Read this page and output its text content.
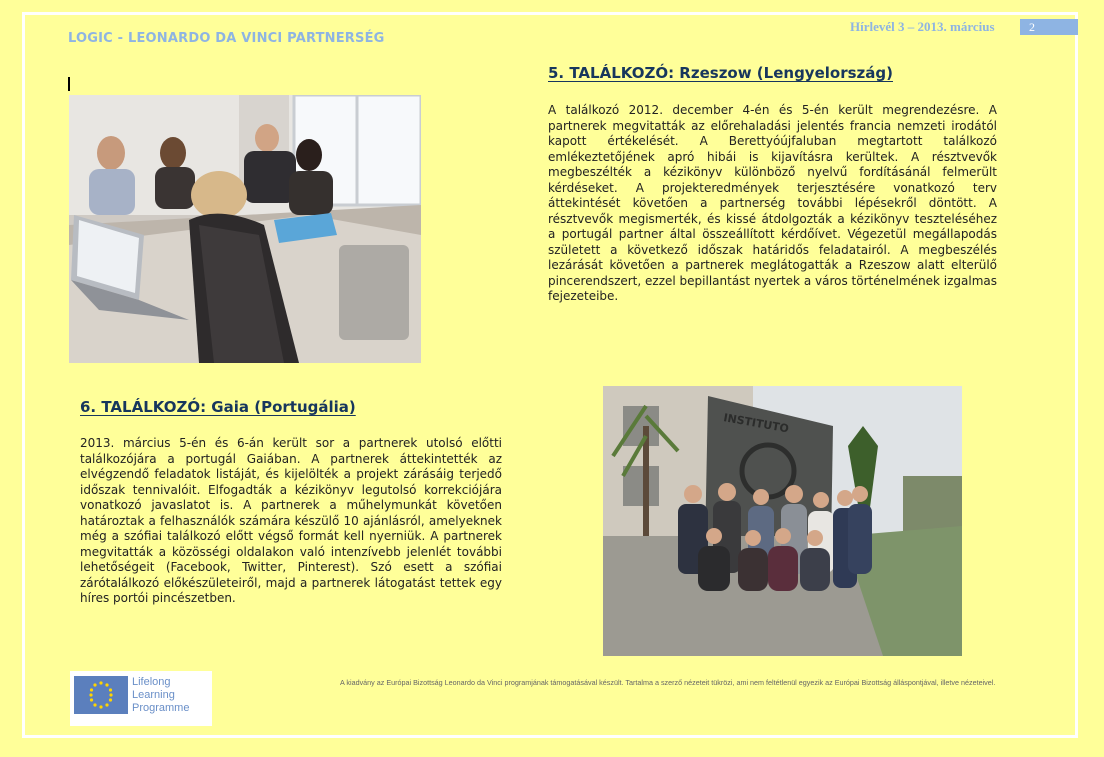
LOGIC - LEONARDO DA VINCI PARTNERSÉG
Hírlevél 3 – 2013. március	2
5. TALÁLKOZÓ: Rzeszow (Lengyelország)

A találkozó 2012. december 4-én és 5-én került megrendezésre. A partnerek megvitatták az előrehaladási jelentés francia nemzeti irodától kapott értékelését. A Berettyóújfaluban megtartott találkozó emlékeztetőjének apró hibái is kijavításra kerültek. A résztvevők megbeszélték a kézikönyv különböző nyelvű fordításánál felmerült kérdéseket. A projekteredmények terjesztésére vonatkozó terv áttekintését követően a partnerség további lépésekről döntött. A résztvevők megismerték, és kissé átdolgozták a kézikönyv teszteléséhez a portugál partner által összeállított kérdőívet. Végezetül megállapodás született a következő időszak határidős feladatairól. A megbeszélés lezárását követően a partnerek meglátogatták a Rzeszow alatt elterülő pincerendszert, ezzel bepillantást nyertek a város történelmének izgalmas fejezeteibe.

6. TALÁLKOZÓ: Gaia (Portugália)

2013. március 5-én és 6-án került sor a partnerek utolsó előtti találkozójára a portugál Gaiában. A partnerek áttekintették az elvégzendő feladatok listáját, és kijelölték a projekt zárásáig terjedő időszak tennivalóit. Elfogadták a kézikönyv legutolsó korrekciójára vonatkozó javaslatot is. A partnerek a műhelymunkát követően határoztak a felhasználók számára készülő 10 ajánlásról, amelyeknek még a szófiai találkozó előtt végső formát kell nyerniük. A partnerek megvitatták a közösségi oldalakon való intenzívebb jelenlét további lehetőségeit (Facebook, Twitter, Pinterest). Szó esett a szófiai zárótalálkozó előkészületeiről, majd a partnerek látogatást tettek egy híres portói pincészetben.

INSTITUTO
Lifelong
Learning
Programme

A kiadvány az Európai Bizottság Leonardo da Vinci programjának támogatásával készült. Tartalma a szerző nézeteit tükrözi, ami nem feltétlenül egyezik az Európai Bizottság álláspontjával, illetve nézeteivel.
